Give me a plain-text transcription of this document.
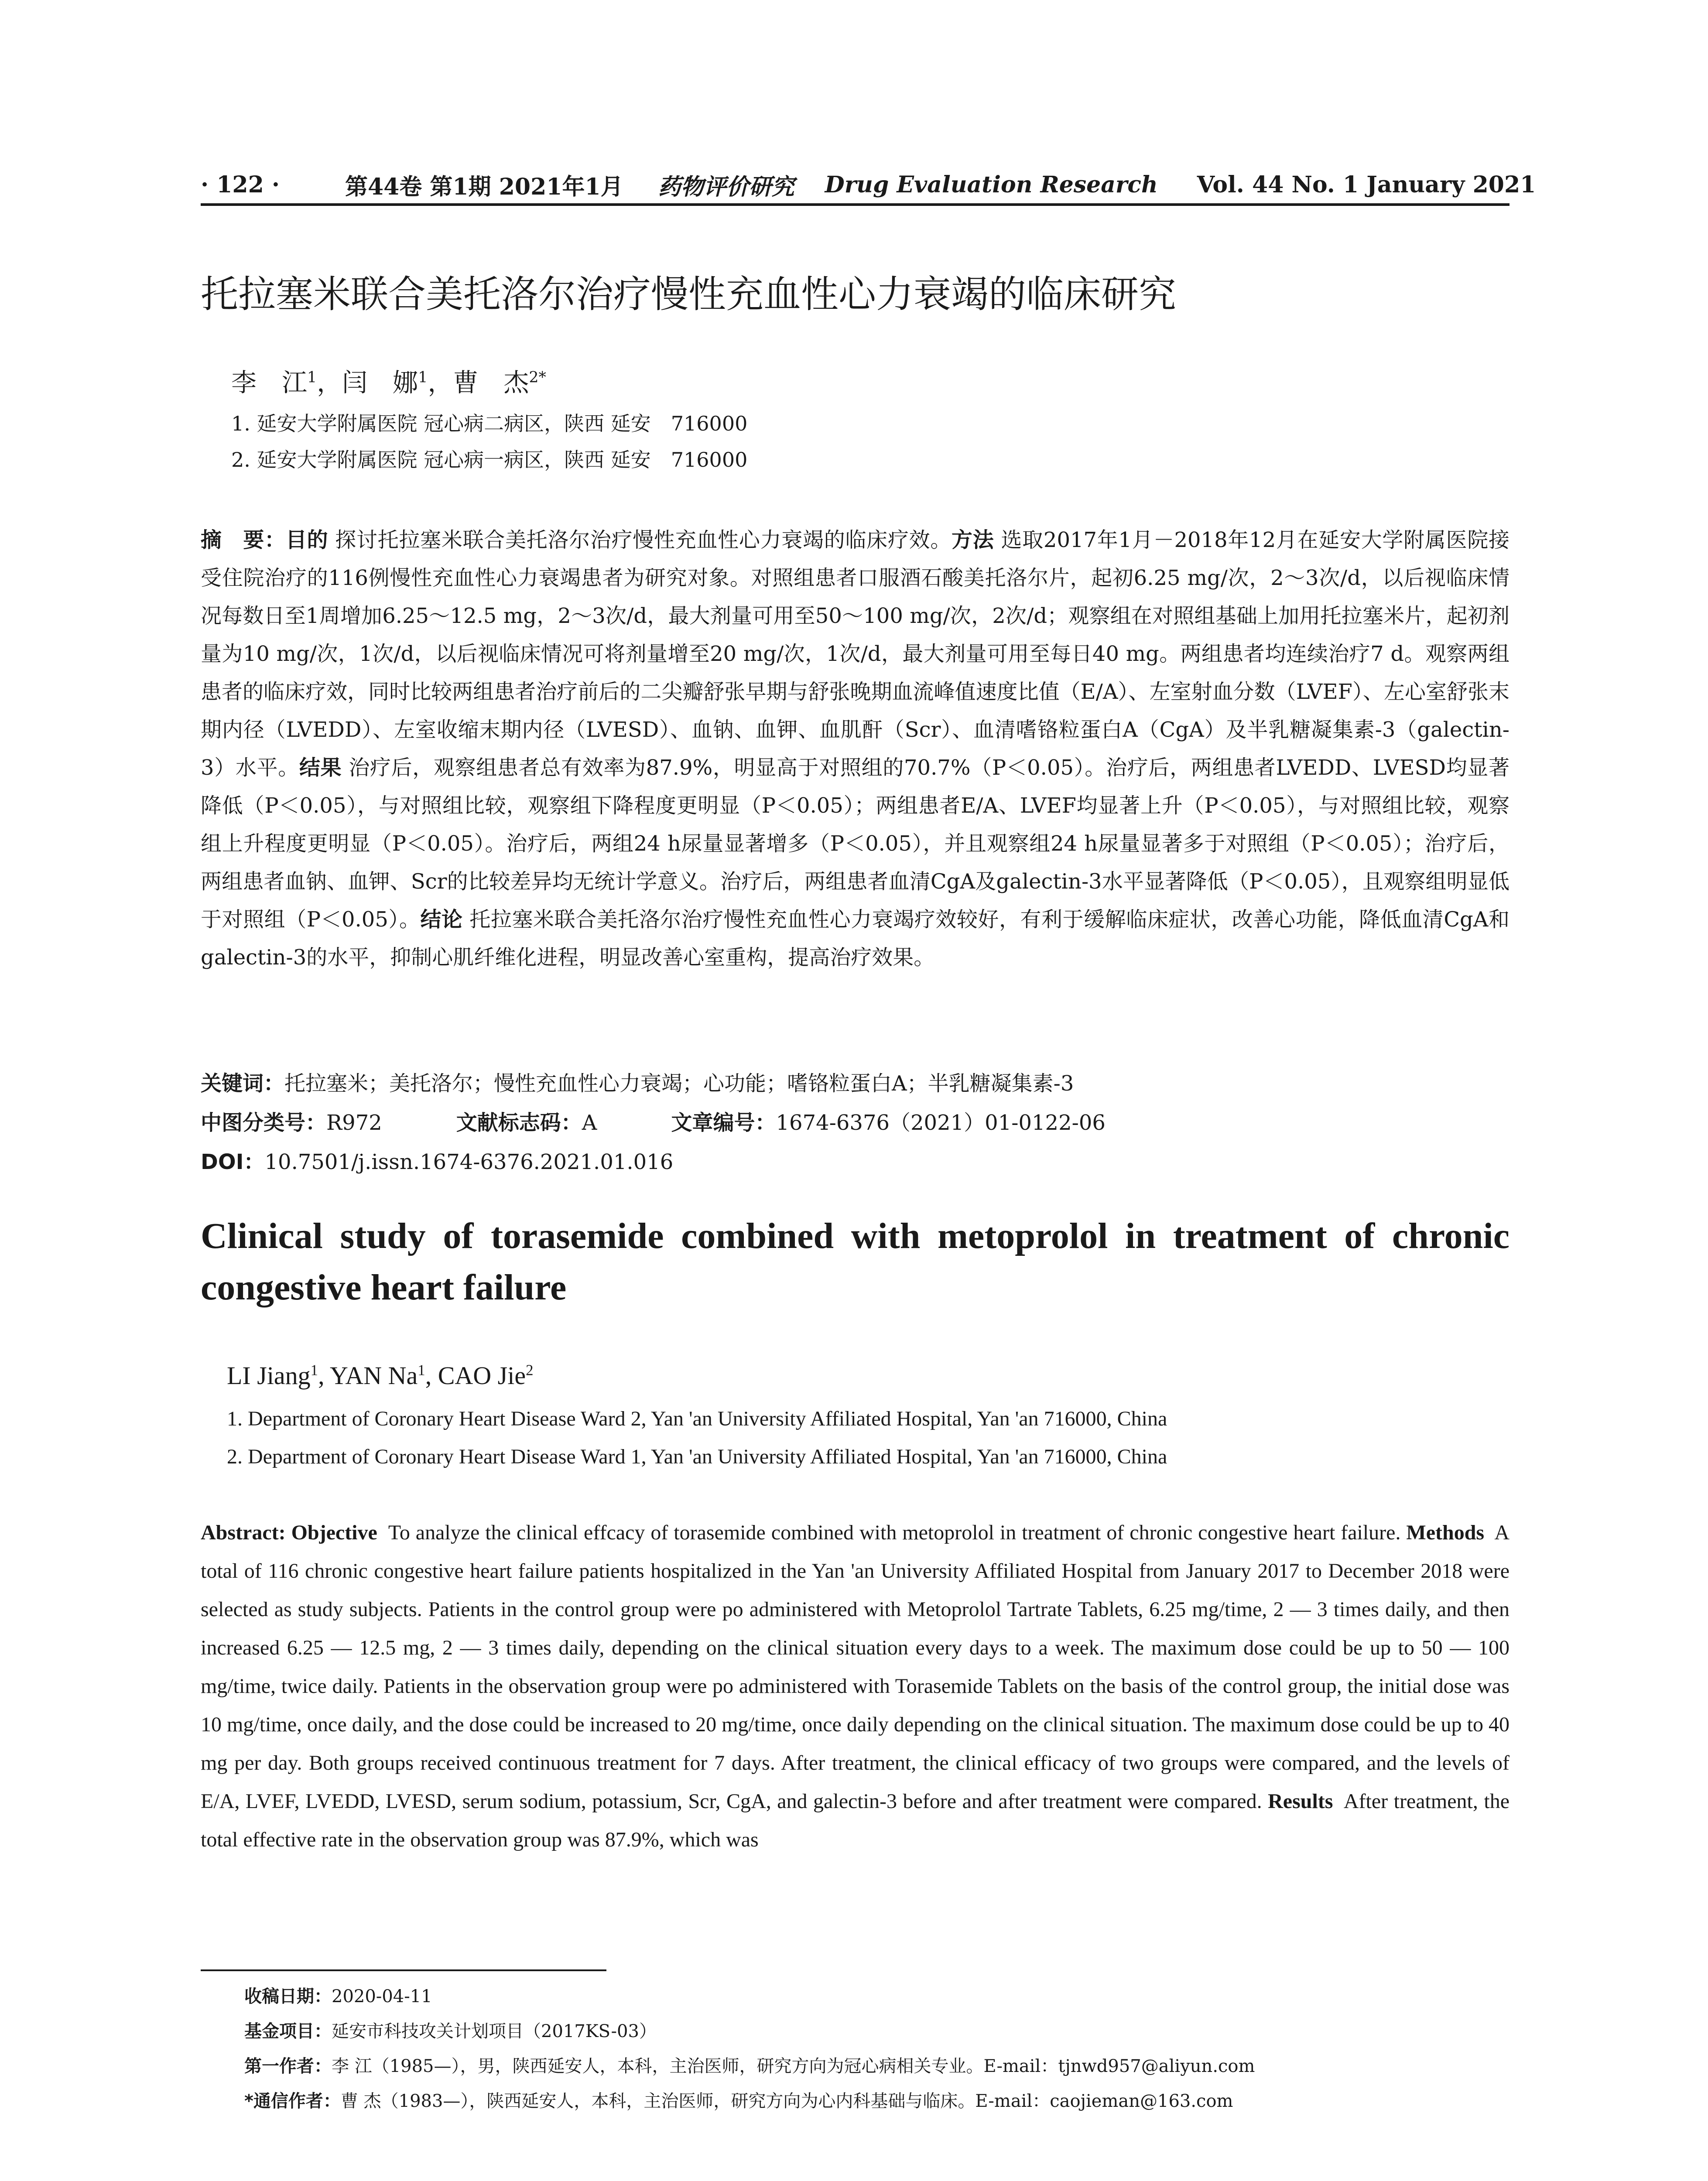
· 122 ·	第44卷 第1期 2021年1月 药物评价研究 Drug Evaluation Research Vol. 44 No. 1 January 2021
托拉塞米联合美托洛尔治疗慢性充血性心力衰竭的临床研究
李　江$^1$，闫　娜$^1$，曹　杰$^{2*}$
1. 延安大学附属医院 冠心病二病区，陕西 延安　716000
2. 延安大学附属医院 冠心病一病区，陕西 延安　716000

摘　要：目的 探讨托拉塞米联合美托洛尔治疗慢性充血性心力衰竭的临床疗效。方法 选取2017年1月－2018年12月在延安大学附属医院接受住院治疗的116例慢性充血性心力衰竭患者为研究对象。对照组患者口服酒石酸美托洛尔片，起初6.25 mg/次，2～3次/d，以后视临床情况每数日至1周增加6.25～12.5 mg，2～3次/d，最大剂量可用至50～100 mg/次，2次/d；观察组在对照组基础上加用托拉塞米片，起初剂量为10 mg/次，1次/d，以后视临床情况可将剂量增至20 mg/次，1次/d，最大剂量可用至每日40 mg。两组患者均连续治疗7 d。观察两组患者的临床疗效，同时比较两组患者治疗前后的二尖瓣舒张早期与舒张晚期血流峰值速度比值（E/A）、左室射血分数（LVEF）、左心室舒张末期内径（LVEDD）、左室收缩末期内径（LVESD）、血钠、血钾、血肌酐（Scr）、血清嗜铬粒蛋白A（CgA）及半乳糖凝集素-3（galectin-3）水平。结果 治疗后，观察组患者总有效率为87.9%，明显高于对照组的70.7%（P＜0.05）。治疗后，两组患者LVEDD、LVESD均显著降低（P＜0.05），与对照组比较，观察组下降程度更明显（P＜0.05）；两组患者E/A、LVEF均显著上升（P＜0.05），与对照组比较，观察组上升程度更明显（P＜0.05）。治疗后，两组24 h尿量显著增多（P＜0.05），并且观察组24 h尿量显著多于对照组（P＜0.05）；治疗后，两组患者血钠、血钾、Scr的比较差异均无统计学意义。治疗后，两组患者血清CgA及galectin-3水平显著降低（P＜0.05），且观察组明显低于对照组（P＜0.05）。结论 托拉塞米联合美托洛尔治疗慢性充血性心力衰竭疗效较好，有利于缓解临床症状，改善心功能，降低血清CgA和galectin-3的水平，抑制心肌纤维化进程，明显改善心室重构，提高治疗效果。

关键词：托拉塞米；美托洛尔；慢性充血性心力衰竭；心功能；嗜铬粒蛋白A；半乳糖凝集素-3
中图分类号：R972	文献标志码：A	文章编号：1674-6376（2021）01-0122-06
DOI：10.7501/j.issn.1674-6376.2021.01.016

Clinical study of torasemide combined with metoprolol in treatment of chronic congestive heart failure

LI Jiang$^1$, YAN Na$^1$, CAO Jie$^2$
1. Department of Coronary Heart Disease Ward 2, Yan 'an University Affiliated Hospital, Yan 'an 716000, China
2. Department of Coronary Heart Disease Ward 1, Yan 'an University Affiliated Hospital, Yan 'an 716000, China

Abstract: Objective To analyze the clinical effcacy of torasemide combined with metoprolol in treatment of chronic congestive heart failure. Methods A total of 116 chronic congestive heart failure patients hospitalized in the Yan 'an University Affiliated Hospital from January 2017 to December 2018 were selected as study subjects. Patients in the control group were po administered with Metoprolol Tartrate Tablets, 6.25 mg/time, 2 — 3 times daily, and then increased 6.25 — 12.5 mg, 2 — 3 times daily, depending on the clinical situation every days to a week. The maximum dose could be up to 50 — 100 mg/time, twice daily. Patients in the observation group were po administered with Torasemide Tablets on the basis of the control group, the initial dose was 10 mg/time, once daily, and the dose could be increased to 20 mg/time, once daily depending on the clinical situation. The maximum dose could be up to 40 mg per day. Both groups received continuous treatment for 7 days. After treatment, the clinical efficacy of two groups were compared, and the levels of E/A, LVEF, LVEDD, LVESD, serum sodium, potassium, Scr, CgA, and galectin-3 before and after treatment were compared. Results After treatment, the total effective rate in the observation group was 87.9%, which was

收稿日期：2020-04-11
基金项目：延安市科技攻关计划项目（2017KS-03）
第一作者：李 江（1985—），男，陕西延安人，本科，主治医师，研究方向为冠心病相关专业。E-mail：tjnwd957@aliyun.com
*通信作者：曹 杰（1983—），陕西延安人，本科，主治医师，研究方向为心内科基础与临床。E-mail：caojieman@163.com
